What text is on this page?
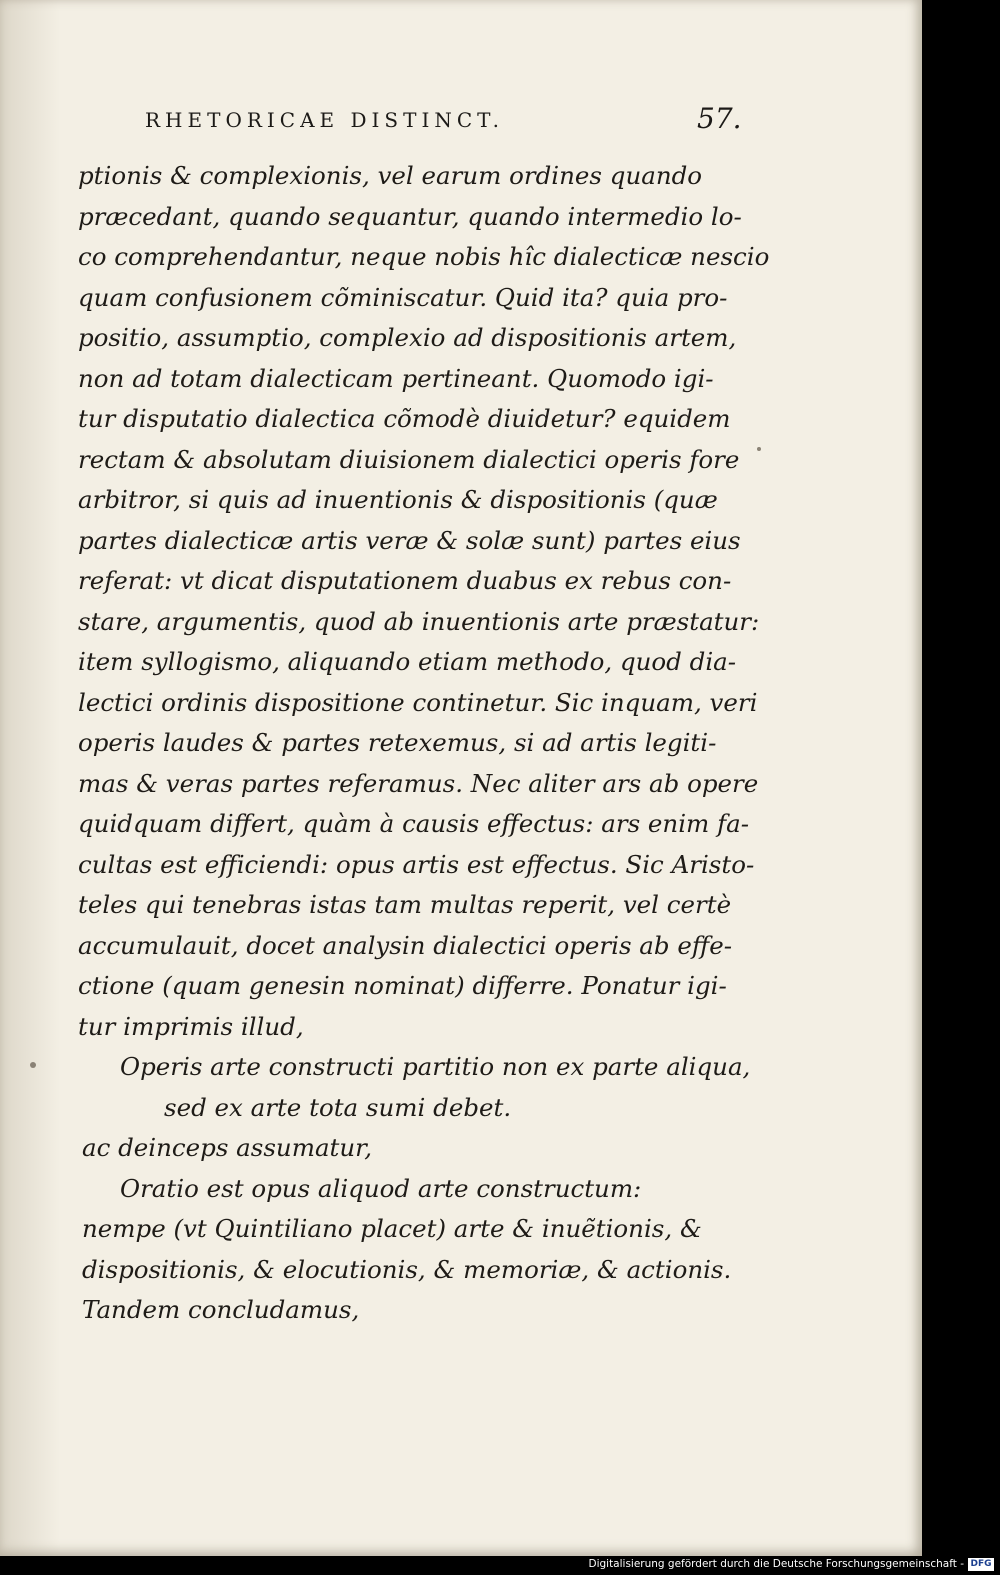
RHETORICAE DISTINCT.	57.
ptionis & complexionis, vel earum ordines quando
præcedant, quando sequantur, quando intermedio lo-
co comprehendantur, neque nobis hîc dialecticæ nescio
quam confusionem cõminiscatur. Quid ita? quia pro-
positio, assumptio, complexio ad dispositionis artem,
non ad totam dialecticam pertineant. Quomodo igi-
tur disputatio dialectica cõmodè diuidetur? equidem
rectam & absolutam diuisionem dialectici operis fore
arbitror, si quis ad inuentionis & dispositionis (quæ
partes dialecticæ artis veræ & solæ sunt) partes eius
referat: vt dicat disputationem duabus ex rebus con-
stare, argumentis, quod ab inuentionis arte præstatur:
item syllogismo, aliquando etiam methodo, quod dia-
lectici ordinis dispositione continetur. Sic inquam, veri
operis laudes & partes retexemus, si ad artis legiti-
mas & veras partes referamus. Nec aliter ars ab opere
quidquam differt, quàm à causis effectus: ars enim fa-
cultas est efficiendi: opus artis est effectus. Sic Aristo-
teles qui tenebras istas tam multas reperit, vel certè
accumulauit, docet analysin dialectici operis ab effe-
ctione (quam genesin nominat) differre. Ponatur igi-
tur imprimis illud,
Operis arte constructi partitio non ex parte aliqua,
sed ex arte tota sumi debet.
ac deinceps assumatur,
Oratio est opus aliquod arte constructum:
nempe (vt Quintiliano placet) arte & inuẽtionis, &
dispositionis, & elocutionis, & memoriæ, & actionis.
Tandem concludamus,
Digitalisierung gefördert durch die Deutsche Forschungsgemeinschaft - DFG
